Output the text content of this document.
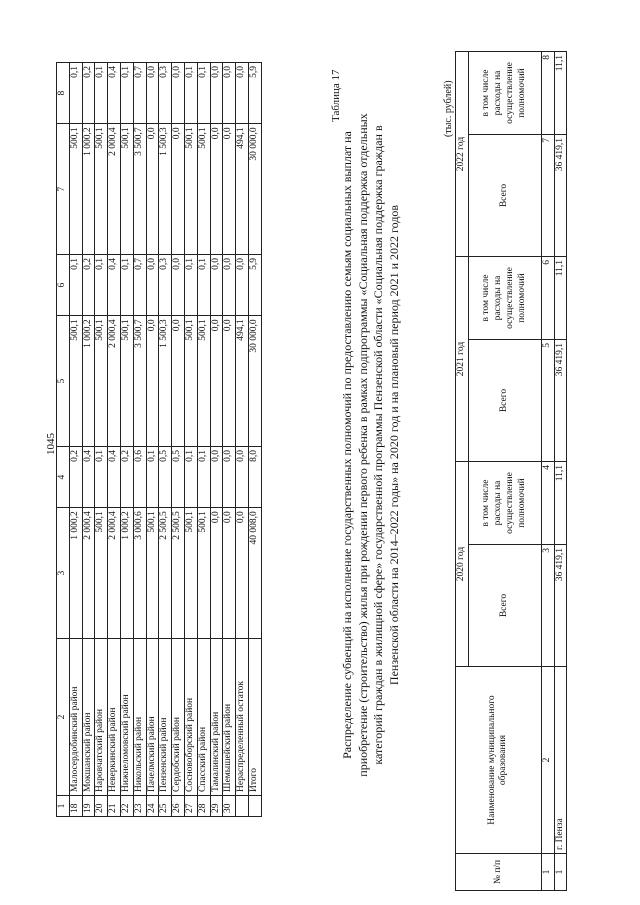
1045
1	2	3	4	5	6	7	8
18	Малосердобинский район	1 000,2	0,2	500,1	0,1	500,1	0,1
19	Мокшанский район	2 000,4	0,4	1 000,2	0,2	1 000,2	0,2
20	Наровчатский район	500,1	0,1	500,1	0,1	500,1	0,1
21	Неверкинский район	2 000,4	0,4	2 000,4	0,4	2 000,4	0,4
22	Нижнеломовский район	1 000,2	0,2	500,1	0,1	500,1	0,1
23	Никольский район	3 000,6	0,6	3 500,7	0,7	3 500,7	0,7
24	Пачелмский район	500,1	0,1	0,0	0,0	0,0	0,0
25	Пензенский район	2 500,5	0,5	1 500,3	0,3	1 500,3	0,3
26	Сердобский район	2 500,5	0,5	0,0	0,0	0,0	0,0
27	Сосновоборский район	500,1	0,1	500,1	0,1	500,1	0,1
28	Спасский район	500,1	0,1	500,1	0,1	500,1	0,1
29	Тамалинский район	0,0	0,0	0,0	0,0	0,0	0,0
30	Шемышейский район	0,0	0,0	0,0	0,0	0,0	0,0
	Нераспределенный остаток	0,0	0,0	494,1	0,0	494,1	0,0
	Итого	40 008,0	8,0	30 000,0	5,9	30 000,0	5,9	Таблица 17
Распределение субвенций на исполнение государственных полномочий по предоставлению семьям социальных выплат на приобретение (строительство) жилья при рождении первого ребенка в рамках подпрограммы «Социальная поддержка отдельных категорий граждан в жилищной сфере» государственной программы Пензенской области «Социальная поддержка граждан в Пензенской области на 2014–2022 годы» на 2020 год и на плановый период 2021 и 2022 годов
(тыс. рублей)
№ п/п	Наименование муниципального образования	2020 год		2021 год		2022 год	
		Всего	в том числе расходы на осуществление полномочий	Всего	в том числе расходы на осуществление полномочий	Всего	в том числе расходы на осуществление полномочий
1	2	3	4	5	6	7	8
1	г. Пенза	36 419,1	11,1	36 419,1	11,1	36 419,1	11,1
